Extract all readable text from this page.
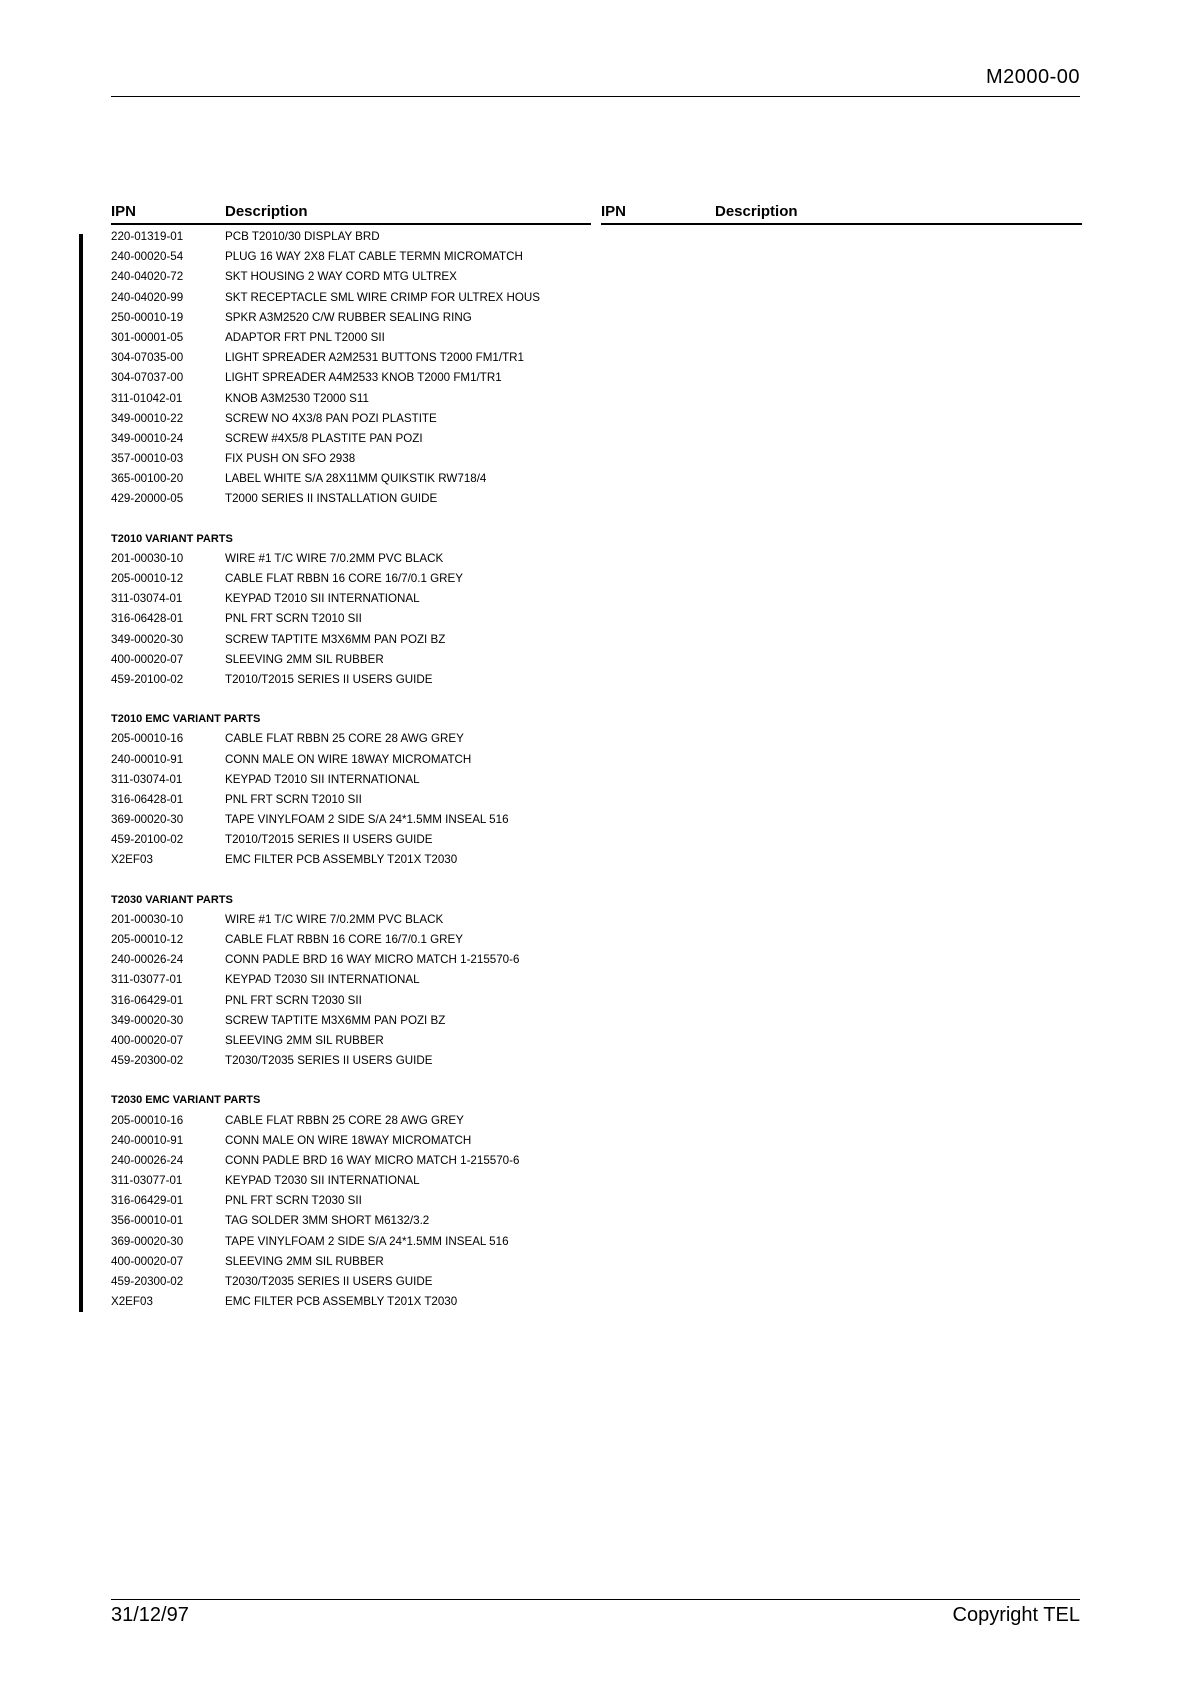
M2000-00
IPN	Description	IPN	Description
220-01319-01	PCB T2010/30 DISPLAY BRD
240-00020-54	PLUG 16 WAY 2X8 FLAT CABLE TERMN MICROMATCH
240-04020-72	SKT HOUSING 2 WAY CORD MTG ULTREX
240-04020-99	SKT RECEPTACLE SML WIRE CRIMP FOR ULTREX HOUS
250-00010-19	SPKR A3M2520 C/W RUBBER SEALING RING
301-00001-05	ADAPTOR FRT PNL T2000 SII
304-07035-00	LIGHT SPREADER A2M2531 BUTTONS T2000 FM1/TR1
304-07037-00	LIGHT SPREADER A4M2533 KNOB T2000 FM1/TR1
311-01042-01	KNOB A3M2530 T2000 S11
349-00010-22	SCREW NO 4X3/8 PAN POZI PLASTITE
349-00010-24	SCREW #4X5/8 PLASTITE PAN POZI
357-00010-03	FIX PUSH ON SFO 2938
365-00100-20	LABEL WHITE S/A 28X11MM QUIKSTIK RW718/4
429-20000-05	T2000 SERIES II INSTALLATION GUIDE
T2010 VARIANT PARTS
201-00030-10	WIRE #1 T/C WIRE 7/0.2MM PVC BLACK
205-00010-12	CABLE FLAT RBBN 16 CORE 16/7/0.1 GREY
311-03074-01	KEYPAD T2010 SII INTERNATIONAL
316-06428-01	PNL FRT SCRN T2010 SII
349-00020-30	SCREW TAPTITE M3X6MM PAN POZI BZ
400-00020-07	SLEEVING 2MM SIL RUBBER
459-20100-02	T2010/T2015 SERIES II USERS GUIDE
T2010 EMC VARIANT PARTS
205-00010-16	CABLE FLAT RBBN 25 CORE 28 AWG GREY
240-00010-91	CONN MALE ON WIRE 18WAY MICROMATCH
311-03074-01	KEYPAD T2010 SII INTERNATIONAL
316-06428-01	PNL FRT SCRN T2010 SII
369-00020-30	TAPE VINYLFOAM 2 SIDE S/A 24*1.5MM INSEAL 516
459-20100-02	T2010/T2015 SERIES II USERS GUIDE
X2EF03	EMC FILTER PCB ASSEMBLY T201X T2030
T2030 VARIANT PARTS
201-00030-10	WIRE #1 T/C WIRE 7/0.2MM PVC BLACK
205-00010-12	CABLE FLAT RBBN 16 CORE 16/7/0.1 GREY
240-00026-24	CONN PADLE BRD 16 WAY MICRO MATCH 1-215570-6
311-03077-01	KEYPAD T2030 SII INTERNATIONAL
316-06429-01	PNL FRT SCRN T2030 SII
349-00020-30	SCREW TAPTITE M3X6MM PAN POZI BZ
400-00020-07	SLEEVING 2MM SIL RUBBER
459-20300-02	T2030/T2035 SERIES II USERS GUIDE
T2030 EMC VARIANT PARTS
205-00010-16	CABLE FLAT RBBN 25 CORE 28 AWG GREY
240-00010-91	CONN MALE ON WIRE 18WAY MICROMATCH
240-00026-24	CONN PADLE BRD 16 WAY MICRO MATCH 1-215570-6
311-03077-01	KEYPAD T2030 SII INTERNATIONAL
316-06429-01	PNL FRT SCRN T2030 SII
356-00010-01	TAG SOLDER 3MM SHORT M6132/3.2
369-00020-30	TAPE VINYLFOAM 2 SIDE S/A 24*1.5MM INSEAL 516
400-00020-07	SLEEVING 2MM SIL RUBBER
459-20300-02	T2030/T2035 SERIES II USERS GUIDE
X2EF03	EMC FILTER PCB ASSEMBLY T201X T2030
31/12/97	Copyright TEL
